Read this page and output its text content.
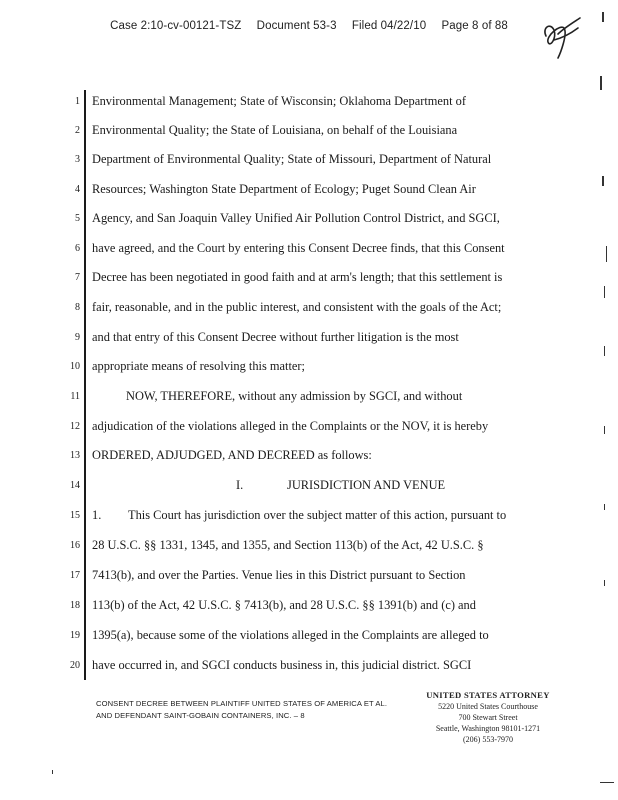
Case 2:10-cv-00121-TSZ Document 53-3 Filed 04/22/10 Page 8 of 88
1 Environmental Management; State of Wisconsin; Oklahoma Department of
2 Environmental Quality; the State of Louisiana, on behalf of the Louisiana
3 Department of Environmental Quality; State of Missouri, Department of Natural
4 Resources; Washington State Department of Ecology; Puget Sound Clean Air
5 Agency, and San Joaquin Valley Unified Air Pollution Control District, and SGCI,
6 have agreed, and the Court by entering this Consent Decree finds, that this Consent
7 Decree has been negotiated in good faith and at arm's length; that this settlement is
8 fair, reasonable, and in the public interest, and consistent with the goals of the Act;
9 and that entry of this Consent Decree without further litigation is the most
10 appropriate means of resolving this matter;
11	NOW, THEREFORE, without any admission by SGCI, and without
12 adjudication of the violations alleged in the Complaints or the NOV, it is hereby
13 ORDERED, ADJUDGED, AND DECREED as follows:
14	I.	JURISDICTION AND VENUE
15 1. This Court has jurisdiction over the subject matter of this action, pursuant to
16 28 U.S.C. §§ 1331, 1345, and 1355, and Section 113(b) of the Act, 42 U.S.C. §
17 7413(b), and over the Parties. Venue lies in this District pursuant to Section
18 113(b) of the Act, 42 U.S.C. § 7413(b), and 28 U.S.C. §§ 1391(b) and (c) and
19 1395(a), because some of the violations alleged in the Complaints are alleged to
20 have occurred in, and SGCI conducts business in, this judicial district. SGCI
CONSENT DECREE BETWEEN PLAINTIFF UNITED STATES OF AMERICA ET AL.
AND DEFENDANT SAINT-GOBAIN CONTAINERS, INC. – 8
UNITED STATES ATTORNEY
5220 United States Courthouse
700 Stewart Street
Seattle, Washington 98101-1271
(206) 553-7970
